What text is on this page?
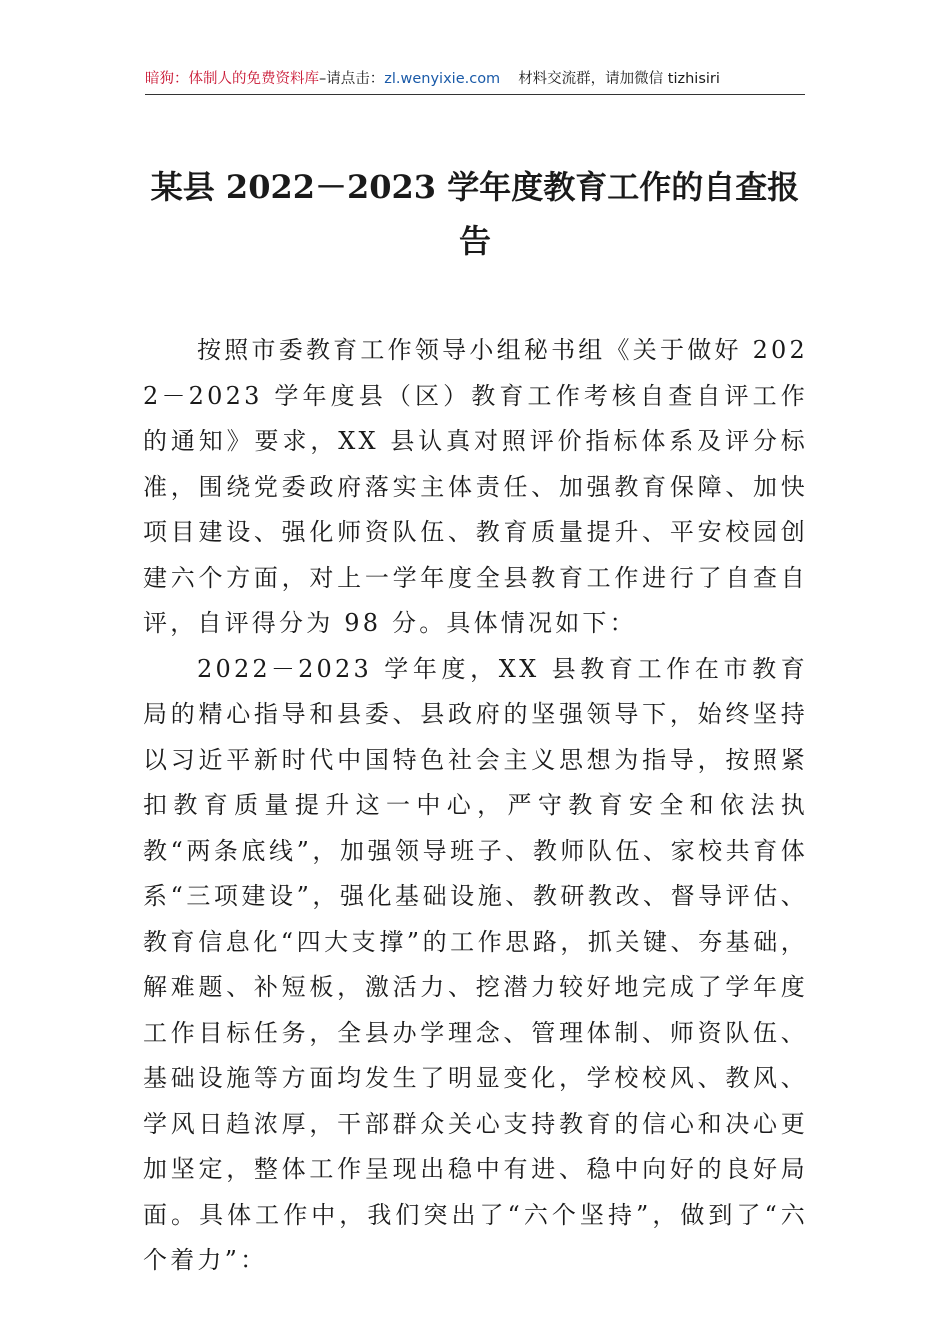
暗狗：体制人的免费资料库–请点击：zl.wenyixie.com 材料交流群，请加微信 tizhisiri
某县 2022－2023 学年度教育工作的自查报告

按照市委教育工作领导小组秘书组《关于做好 2022－2023 学年度县（区）教育工作考核自查自评工作的通知》要求，XX 县认真对照评价指标体系及评分标准，围绕党委政府落实主体责任、加强教育保障、加快项目建设、强化师资队伍、教育质量提升、平安校园创建六个方面，对上一学年度全县教育工作进行了自查自评，自评得分为 98 分。具体情况如下：

2022－2023 学年度，XX 县教育工作在市教育局的精心指导和县委、县政府的坚强领导下，始终坚持以习近平新时代中国特色社会主义思想为指导，按照紧扣教育质量提升这一中心，严守教育安全和依法执教“两条底线”，加强领导班子、教师队伍、家校共育体系“三项建设”，强化基础设施、教研教改、督导评估、教育信息化“四大支撑”的工作思路，抓关键、夯基础，解难题、补短板，激活力、挖潜力较好地完成了学年度工作目标任务，全县办学理念、管理体制、师资队伍、基础设施等方面均发生了明显变化，学校校风、教风、学风日趋浓厚，干部群众关心支持教育的信心和决心更加坚定，整体工作呈现出稳中有进、稳中向好的良好局面。具体工作中，我们突出了“六个坚持”，做到了“六个着力”：
